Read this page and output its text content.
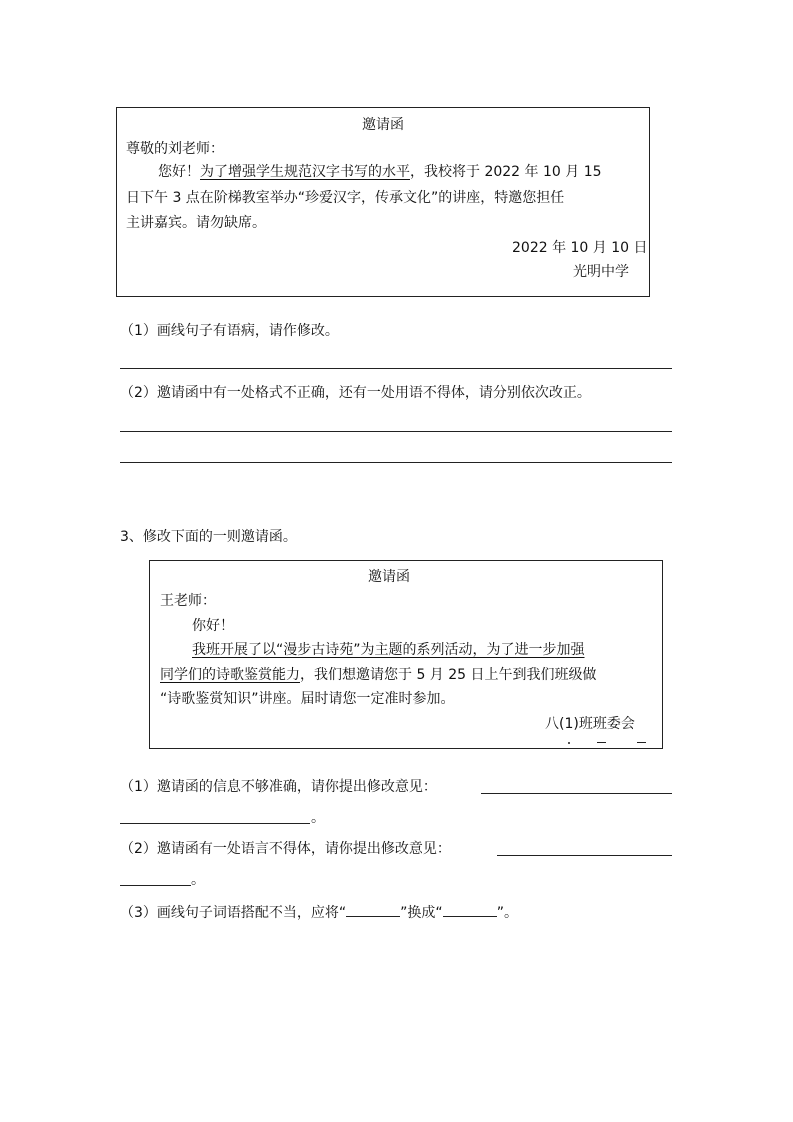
邀请函
尊敬的刘老师：
您好！为了增强学生规范汉字书写的水平，我校将于 2022 年 10 月 15
日下午 3 点在阶梯教室举办“珍爱汉字，传承文化”的讲座，特邀您担任
主讲嘉宾。请勿缺席。
2022 年 10 月 10 日
光明中学
（1）画线句子有语病，请作修改。
（2）邀请函中有一处格式不正确，还有一处用语不得体，请分别依次改正。
3、修改下面的一则邀请函。
邀请函
王老师：
你好！
我班开展了以“漫步古诗苑”为主题的系列活动，为了进一步加强
同学们的诗歌鉴赏能力，我们想邀请您于 5 月 25 日上午到我们班级做
“诗歌鉴赏知识”讲座。届时请您一定准时参加。
八(1)班班委会
（1）邀请函的信息不够准确，请你提出修改意见：
。
（2）邀请函有一处语言不得体，请你提出修改意见：
。
（3）画线句子词语搭配不当，应将“	”换成“	”。
